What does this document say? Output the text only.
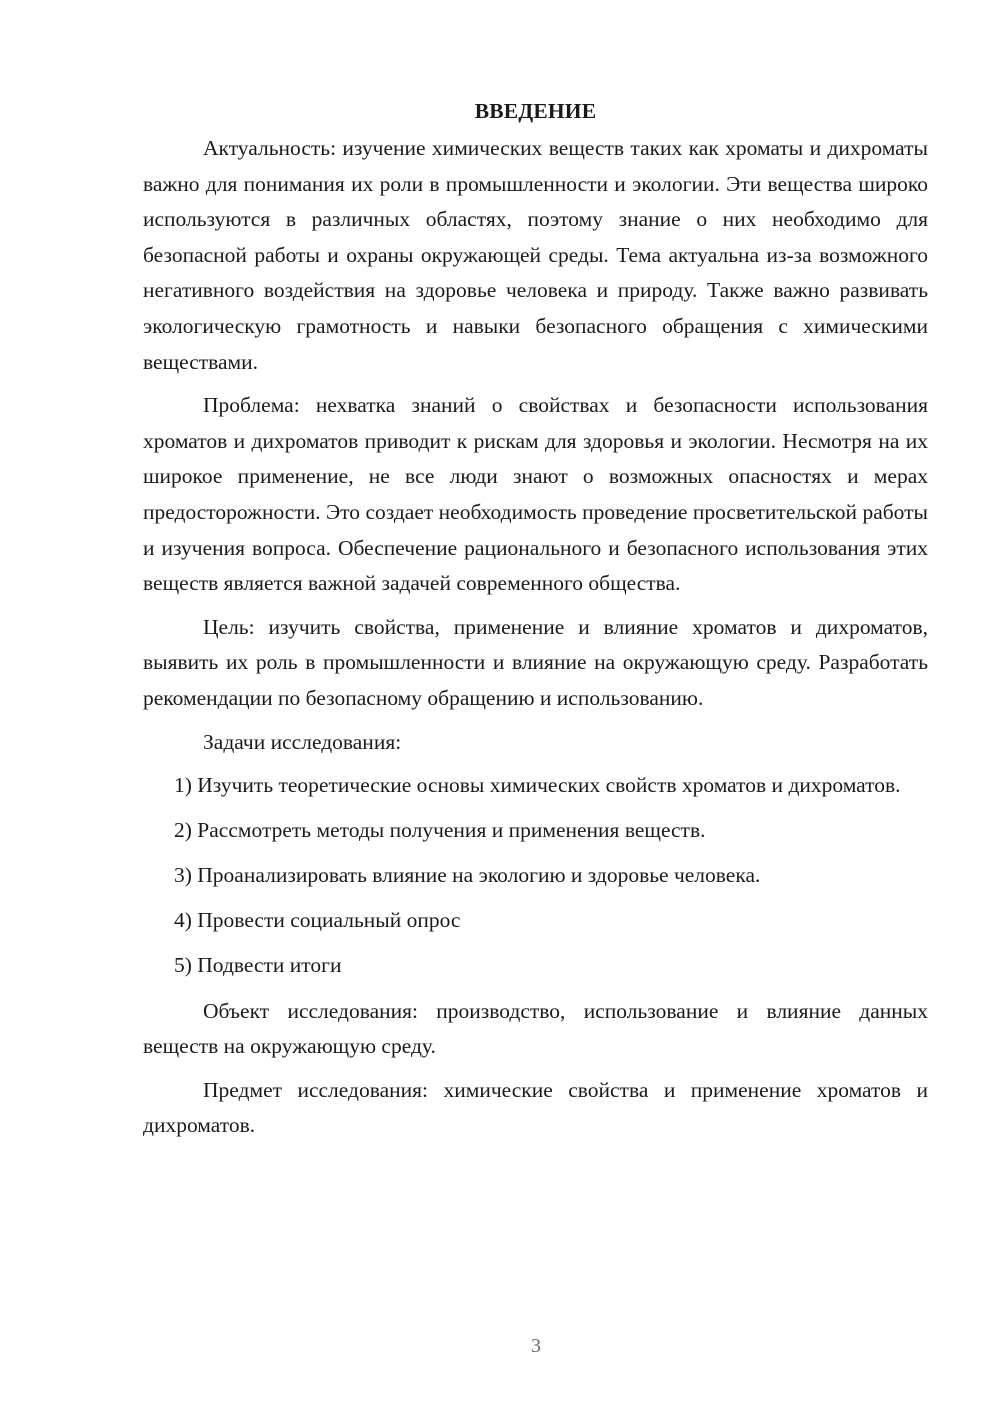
ВВЕДЕНИЕ

Актуальность: изучение химических веществ таких как хроматы и дихроматы важно для понимания их роли в промышленности и экологии. Эти вещества широко используются в различных областях, поэтому знание о них необходимо для безопасной работы и охраны окружающей среды. Тема актуальна из-за возможного негативного воздействия на здоровье человека и природу. Также важно развивать экологическую грамотность и навыки безопасного обращения с химическими веществами.

Проблема: нехватка знаний о свойствах и безопасности использования хроматов и дихроматов приводит к рискам для здоровья и экологии. Несмотря на их широкое применение, не все люди знают о возможных опасностях и мерах предосторожности. Это создает необходимость проведение просветительской работы и изучения вопроса. Обеспечение рационального и безопасного использования этих веществ является важной задачей современного общества.

Цель: изучить свойства, применение и влияние хроматов и дихроматов, выявить их роль в промышленности и влияние на окружающую среду. Разработать рекомендации по безопасному обращению и использованию.

Задачи исследования:
1) Изучить теоретические основы химических свойств хроматов и дихроматов.
2) Рассмотреть методы получения и применения веществ.
3) Проанализировать влияние на экологию и здоровье человека.
4) Провести социальный опрос
5) Подвести итоги

Объект исследования: производство, использование и влияние данных веществ на окружающую среду.

Предмет исследования: химические свойства и применение хроматов и дихроматов.

3
